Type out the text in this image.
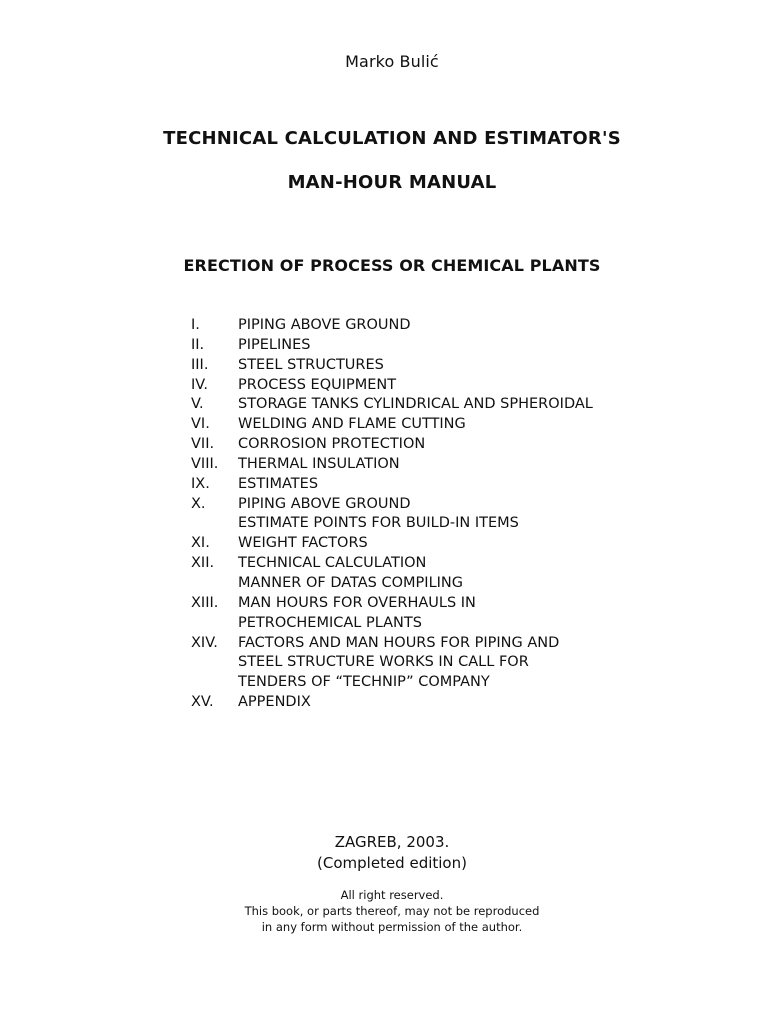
Marko Bulić
TECHNICAL CALCULATION AND ESTIMATOR'S
MAN-HOUR MANUAL
ERECTION OF PROCESS OR CHEMICAL PLANTS
I.	PIPING ABOVE GROUND
II.	PIPELINES
III.	STEEL STRUCTURES
IV.	PROCESS EQUIPMENT
V.	STORAGE TANKS CYLINDRICAL AND SPHEROIDAL
VI.	WELDING AND FLAME CUTTING
VII.	CORROSION PROTECTION
VIII.	THERMAL INSULATION
IX.	ESTIMATES
X.	PIPING ABOVE GROUND
ESTIMATE POINTS FOR BUILD-IN ITEMS
XI.	WEIGHT FACTORS
XII.	TECHNICAL CALCULATION
MANNER OF DATAS COMPILING
XIII.	MAN HOURS FOR OVERHAULS IN
PETROCHEMICAL PLANTS
XIV.	FACTORS AND MAN HOURS FOR PIPING AND
STEEL STRUCTURE WORKS IN CALL FOR
TENDERS OF “TECHNIP” COMPANY
XV.	APPENDIX
ZAGREB, 2003.
(Completed edition)
All right reserved.
This book, or parts thereof, may not be reproduced
in any form without permission of the author.
